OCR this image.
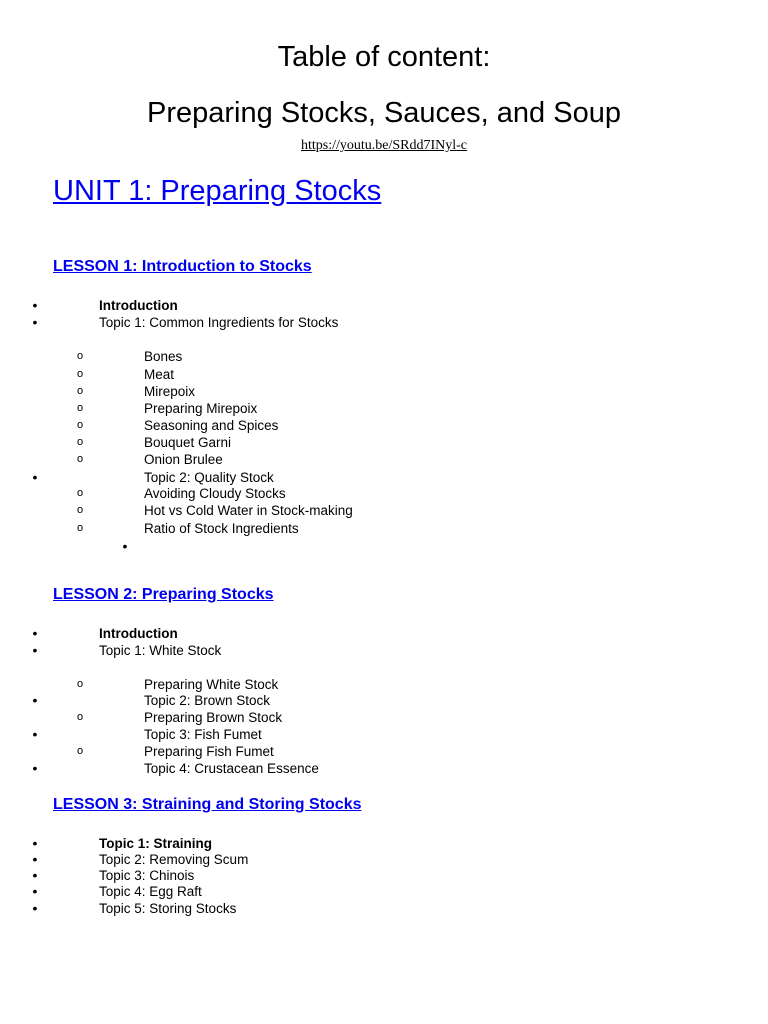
Table of content:
Preparing Stocks, Sauces, and Soup
https://youtu.be/SRdd7INyl-c
UNIT 1: Preparing Stocks
LESSON 1: Introduction to Stocks
•	Introduction
•	Topic 1: Common Ingredients for Stocks
o	Bones
o	Meat
o	Mirepoix
o	Preparing Mirepoix
o	Seasoning and Spices
o	Bouquet Garni
o	Onion Brulee
•	Topic 2: Quality Stock
o	Avoiding Cloudy Stocks
o	Hot vs Cold Water in Stock-making
o	Ratio of Stock Ingredients
•
LESSON 2: Preparing Stocks
•	Introduction
•	Topic 1: White Stock
o	Preparing White Stock
•	Topic 2: Brown Stock
o	Preparing Brown Stock
•	Topic 3: Fish Fumet
o	Preparing Fish Fumet
•	Topic 4: Crustacean Essence
LESSON 3: Straining and Storing Stocks
•	Topic 1: Straining
•	Topic 2: Removing Scum
•	Topic 3: Chinois
•	Topic 4: Egg Raft
•	Topic 5: Storing Stocks
